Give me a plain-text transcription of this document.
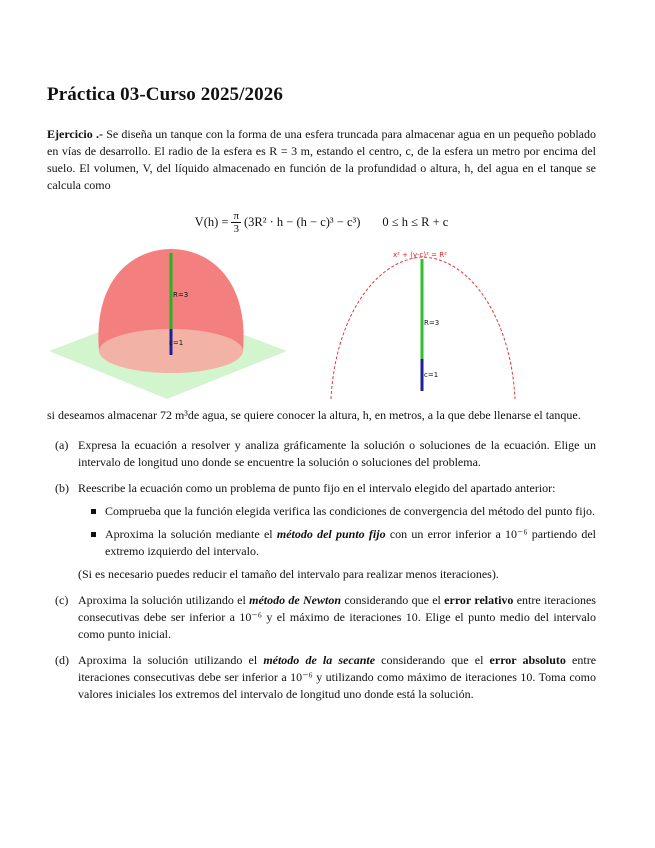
Práctica 03-Curso 2025/2026

Ejercicio .- Se diseña un tanque con la forma de una esfera truncada para almacenar agua en un pequeño poblado en vías de desarrollo. El radio de la esfera es R = 3 m, estando el centro, c, de la esfera un metro por encima del suelo. El volumen, V, del líquido almacenado en función de la profundidad o altura, h, del agua en el tanque se calcula como

$V(h) = \frac{\pi}{3} (3R^2 \cdot h - (h - c)^3 - c^3) 0 \le h \le R + c$
R=3
c=1
x² + (y-c)² = R²
R=3
c=1

si deseamos almacenar 72 m³de agua, se quiere conocer la altura, h, en metros, a la que debe llenarse el tanque.

(a) Expresa la ecuación a resolver y analiza gráficamente la solución o soluciones de la ecuación. Elige un intervalo de longitud uno donde se encuentre la solución o soluciones del problema.
(b) Reescribe la ecuación como un problema de punto fijo en el intervalo elegido del apartado anterior:
Comprueba que la función elegida verifica las condiciones de convergencia del método del punto fijo.
Aproxima la solución mediante el método del punto fijo con un error inferior a 10⁻⁶ partiendo del extremo izquierdo del intervalo.
(Si es necesario puedes reducir el tamaño del intervalo para realizar menos iteraciones).
(c) Aproxima la solución utilizando el método de Newton considerando que el error relativo entre iteraciones consecutivas debe ser inferior a 10⁻⁶ y el máximo de iteraciones 10. Elige el punto medio del intervalo como punto inicial.
(d) Aproxima la solución utilizando el método de la secante considerando que el error absoluto entre iteraciones consecutivas debe ser inferior a 10⁻⁶ y utilizando como máximo de iteraciones 10. Toma como valores iniciales los extremos del intervalo de longitud uno donde está la solución.
